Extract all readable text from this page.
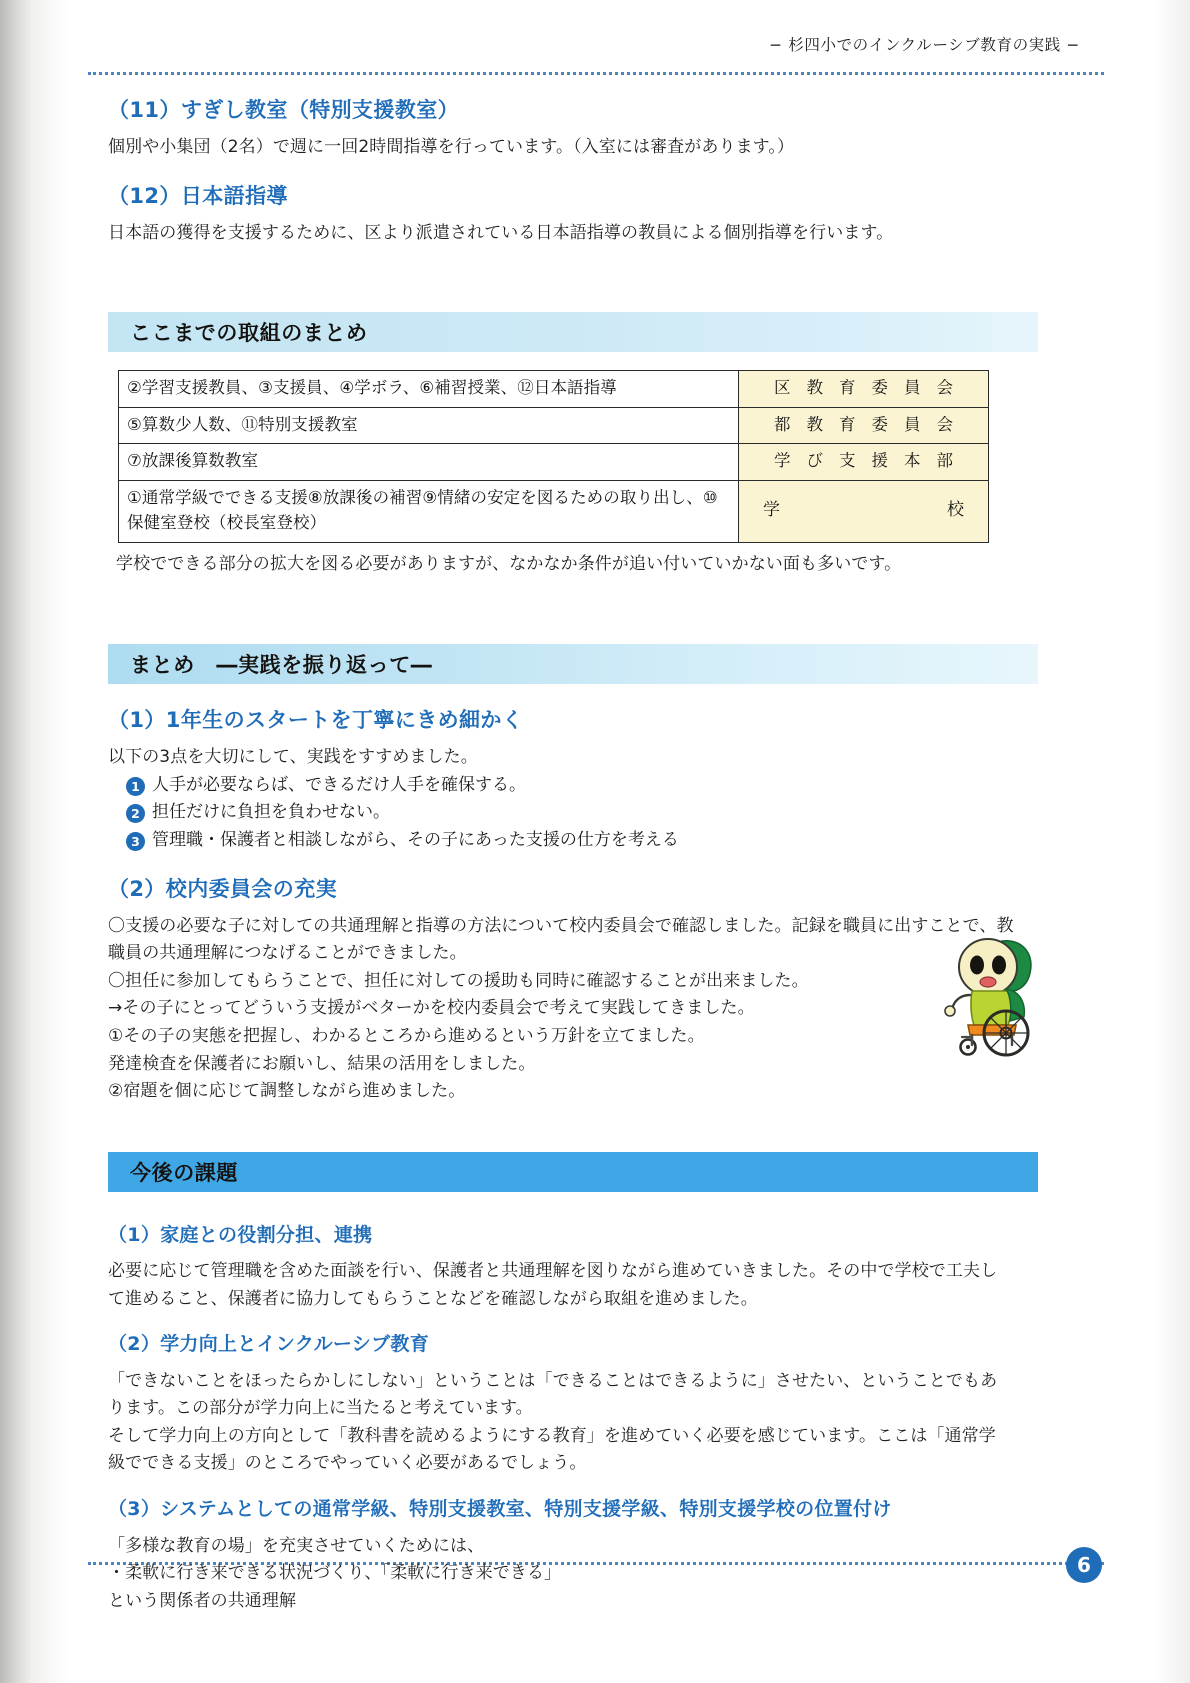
− 杉四小でのインクルーシブ教育の実践 −
（11）すぎし教室（特別支援教室）

個別や小集団（2名）で週に一回2時間指導を行っています。（入室には審査があります。）

（12）日本語指導

日本語の獲得を支援するために、区より派遣されている日本語指導の教員による個別指導を行います。

ここまでの取組のまとめ
②学習支援教員、③支援員、④学ボラ、⑥補習授業、⑫日本語指導	区教育委員会
⑤算数少人数、⑪特別支援教室	都教育委員会
⑦放課後算数教室	学び支援本部
①通常学級でできる支援⑧放課後の補習⑨情緒の安定を図るための取り出し、⑩保健室登校（校長室登校）	学 校

学校でできる部分の拡大を図る必要がありますが、なかなか条件が追い付いていかない面も多いです。

まとめ　―実践を振り返って―
（1）1年生のスタートを丁寧にきめ細かく

以下の3点を大切にして、実践をすすめました。

1 人手が必要ならば、できるだけ人手を確保する。
2 担任だけに負担を負わせない。
3 管理職・保護者と相談しながら、その子にあった支援の仕方を考える
（2）校内委員会の充実
〇支援の必要な子に対しての共通理解と指導の方法について校内委員会で確認しました。記録を職員に出すことで、教
職員の共通理解につなげることができました。
〇担任に参加してもらうことで、担任に対しての援助も同時に確認することが出来ました。
→その子にとってどういう支援がベターかを校内委員会で考えて実践してきました。
①その子の実態を把握し、わかるところから進めるという万針を立てました。
発達検査を保護者にお願いし、結果の活用をしました。
②宿題を個に応じて調整しながら進めました。
今後の課題
（1）家庭との役割分担、連携
必要に応じて管理職を含めた面談を行い、保護者と共通理解を図りながら進めていきました。その中で学校で工夫し
て進めること、保護者に協力してもらうことなどを確認しながら取組を進めました。
（2）学力向上とインクルーシブ教育
「できないことをほったらかしにしない」ということは「できることはできるように」させたい、ということでもあ
ります。この部分が学力向上に当たると考えています。
そして学力向上の方向として「教科書を読めるようにする教育」を進めていく必要を感じています。ここは「通常学
級でできる支援」のところでやっていく必要があるでしょう。
（3）システムとしての通常学級、特別支援教室、特別支援学級、特別支援学校の位置付け
「多様な教育の場」を充実させていくためには、
・柔軟に行き来できる状況づくり、「柔軟に行き来できる」
という関係者の共通理解
6
